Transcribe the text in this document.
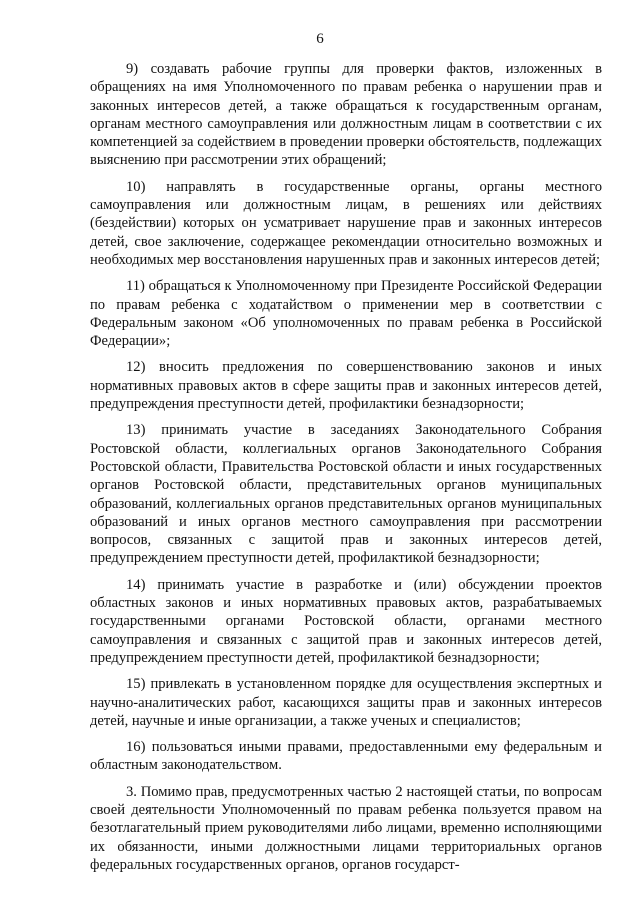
6

9) создавать рабочие группы для проверки фактов, изложенных в обращениях на имя Уполномоченного по правам ребенка о нарушении прав и законных интересов детей, а также обращаться к государственным органам, органам местного самоуправления или должностным лицам в соответствии с их компетенцией за содействием в проведении проверки обстоятельств, подлежащих выяснению при рассмотрении этих обращений;

10) направлять в государственные органы, органы местного самоуправления или должностным лицам, в решениях или действиях (бездействии) которых он усматривает нарушение прав и законных интересов детей, свое заключение, содержащее рекомендации относительно возможных и необходимых мер восстановления нарушенных прав и законных интересов детей;

11) обращаться к Уполномоченному при Президенте Российской Федерации по правам ребенка с ходатайством о применении мер в соответствии с Федеральным законом «Об уполномоченных по правам ребенка в Российской Федерации»;

12) вносить предложения по совершенствованию законов и иных нормативных правовых актов в сфере защиты прав и законных интересов детей, предупреждения преступности детей, профилактики безнадзорности;

13) принимать участие в заседаниях Законодательного Собрания Ростовской области, коллегиальных органов Законодательного Собрания Ростовской области, Правительства Ростовской области и иных государственных органов Ростовской области, представительных органов муниципальных образований, коллегиальных органов представительных органов муниципальных образований и иных органов местного самоуправления при рассмотрении вопросов, связанных с защитой прав и законных интересов детей, предупреждением преступности детей, профилактикой безнадзорности;

14) принимать участие в разработке и (или) обсуждении проектов областных законов и иных нормативных правовых актов, разрабатываемых государственными органами Ростовской области, органами местного самоуправления и связанных с защитой прав и законных интересов детей, предупреждением преступности детей, профилактикой безнадзорности;

15) привлекать в установленном порядке для осуществления экспертных и научно-аналитических работ, касающихся защиты прав и законных интересов детей, научные и иные организации, а также ученых и специалистов;

16) пользоваться иными правами, предоставленными ему федеральным и областным законодательством.

3. Помимо прав, предусмотренных частью 2 настоящей статьи, по вопросам своей деятельности Уполномоченный по правам ребенка пользуется правом на безотлагательный прием руководителями либо лицами, временно исполняющими их обязанности, иными должностными лицами территориальных органов федеральных государственных органов, органов государст-
